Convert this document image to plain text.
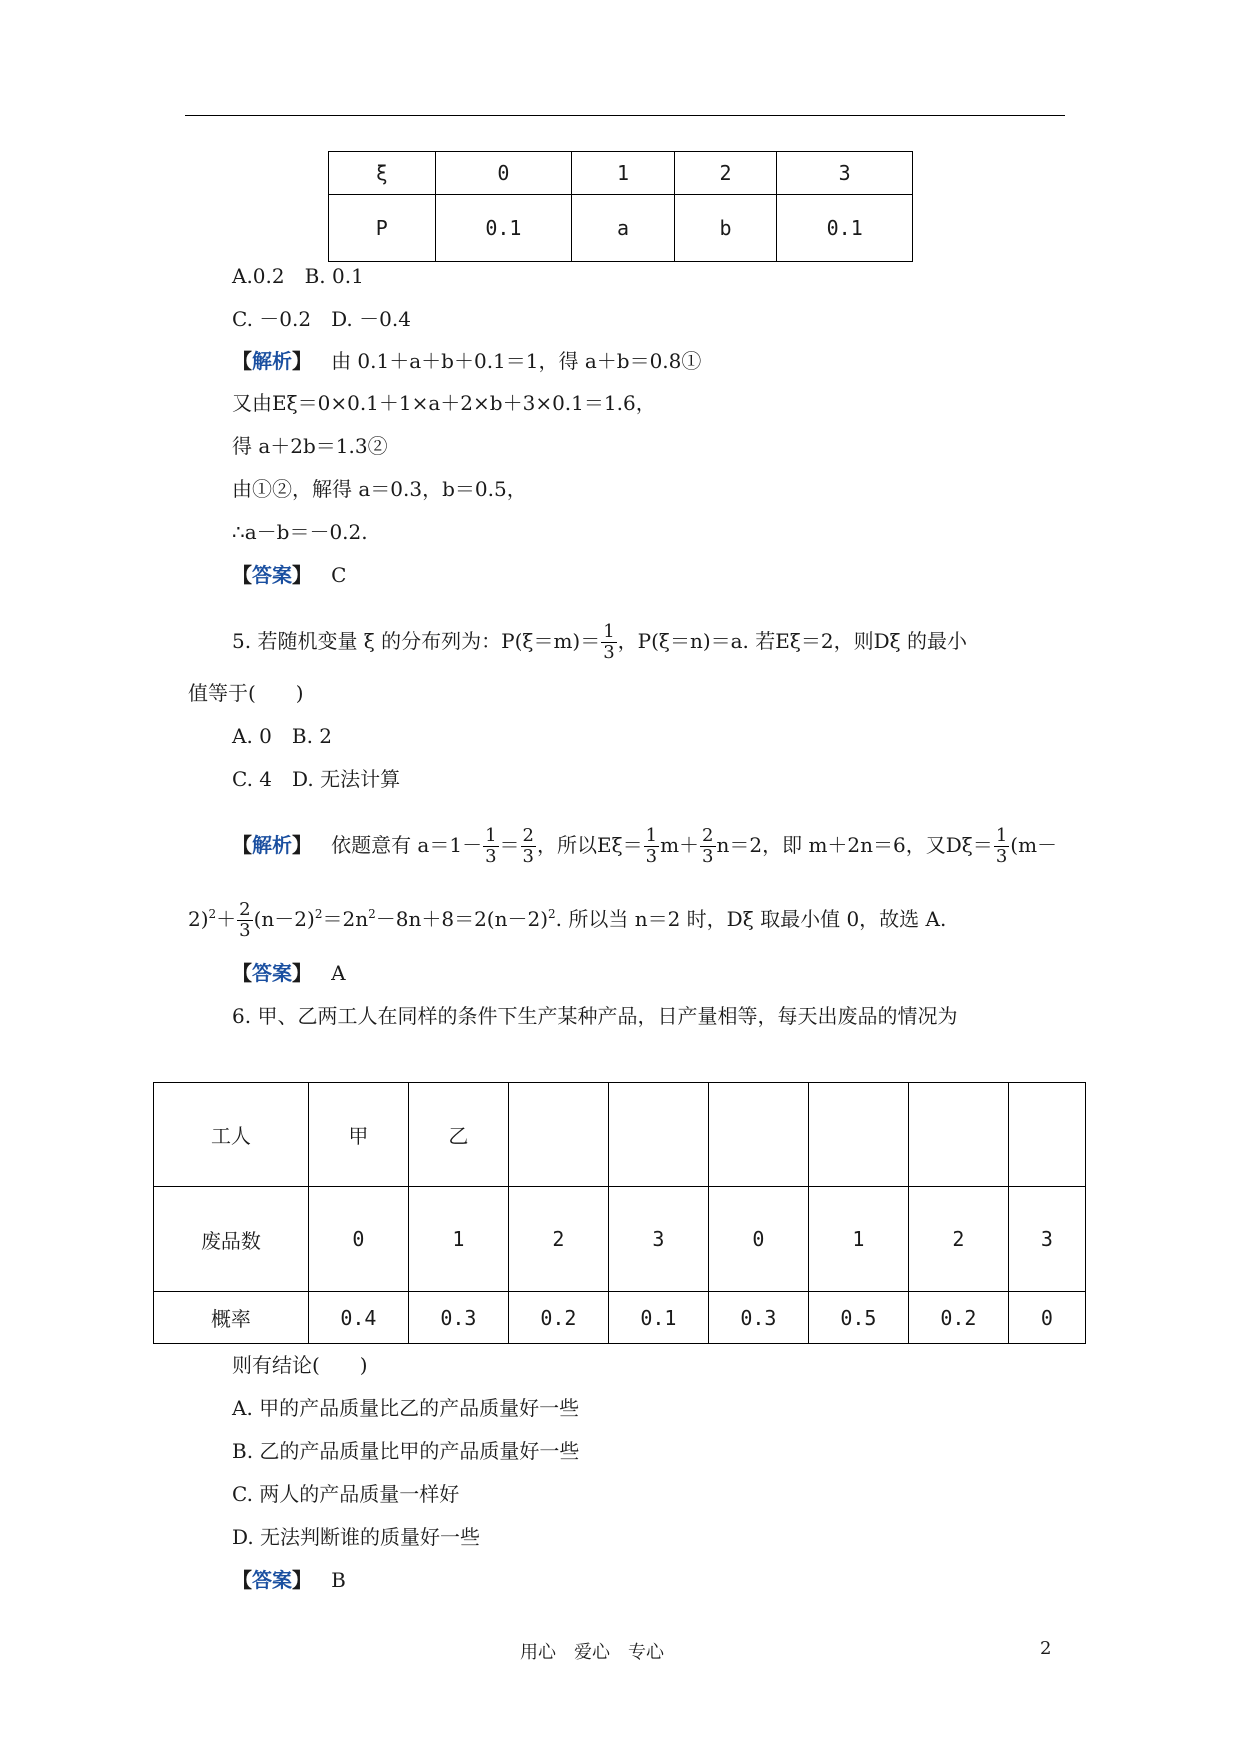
ξ	0	1	2	3
P	0.1	a	b	0.1
A.0.2　B. 0.1
C. －0.2　D. －0.4
【解析】 由 0.1＋a＋b＋0.1＝1，得 a＋b＝0.8①
又由Eξ＝0×0.1＋1×a＋2×b＋3×0.1＝1.6，
得 a＋2b＝1.3②
由①②，解得 a＝0.3，b＝0.5，
∴a－b＝－0.2.
【答案】 C
5. 若随机变量 ξ 的分布列为：$P(\xi=m)= \frac{1}{3}$ ，P(ξ＝n)＝a. 若Eξ＝2，则Dξ 的最小
值等于(　　)
A. 0　B. 2
C. 4　D. 无法计算
【解析】 依题意有 $a=1- \frac{1}{3} = \frac{2}{3}$ ，所以$E\xi= \frac{1}{3} m+ \frac{2}{3} n=2$，即 m＋2n＝6，又$D\xi= \frac{1}{3} (m-$
$2)^2+ \frac{2}{3} (n-2)^2=2n^2-8n+8=2(n-2)^2$. 所以当 n＝2 时，Dξ 取最小值 0，故选 A.
【答案】 A
6. 甲、乙两工人在同样的条件下生产某种产品，日产量相等，每天出废品的情况为
工人	甲	乙						
废品数	0	1	2	3	0	1	2	3
概率	0.4	0.3	0.2	0.1	0.3	0.5	0.2	0
则有结论(　　)
A. 甲的产品质量比乙的产品质量好一些
B. 乙的产品质量比甲的产品质量好一些
C. 两人的产品质量一样好
D. 无法判断谁的质量好一些
【答案】 B
用心　爱心　专心	2
